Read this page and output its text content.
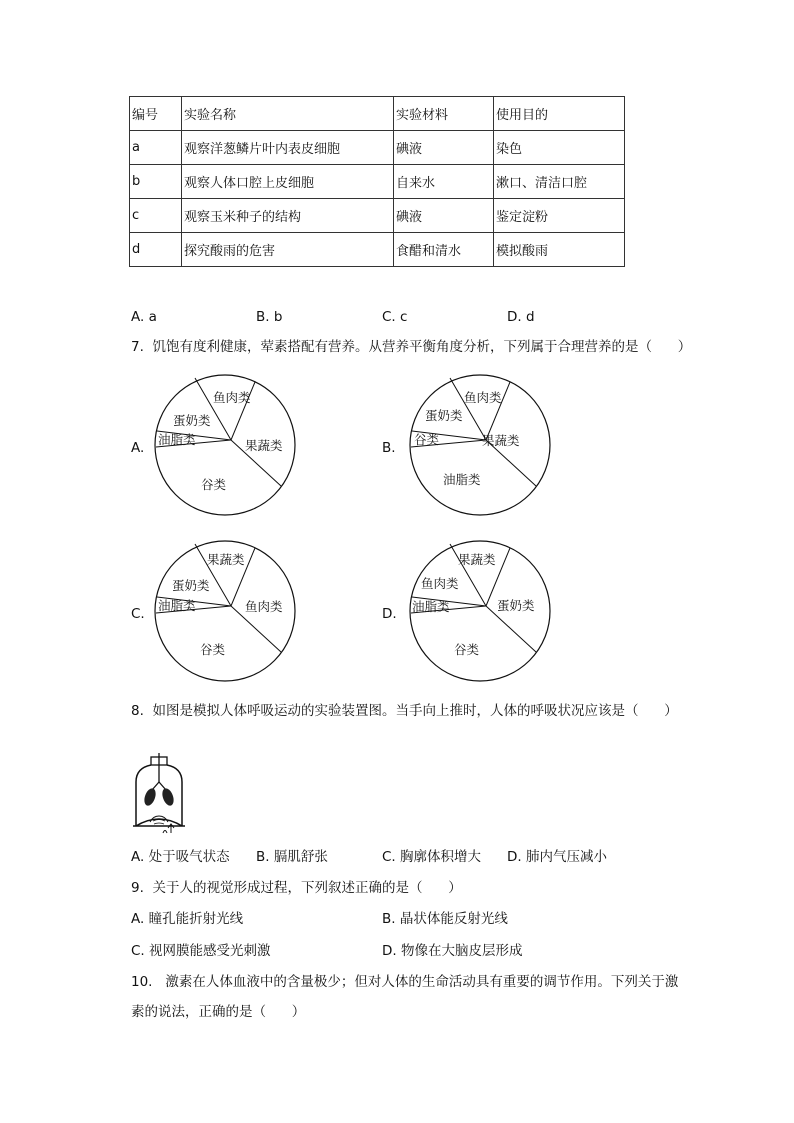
编号	实验名称	实验材料	使用目的
a	观察洋葱鳞片叶内表皮细胞	碘液	染色
b	观察人体口腔上皮细胞	自来水	漱口、清洁口腔
c	观察玉米种子的结构	碘液	鉴定淀粉
d	探究酸雨的危害	食醋和清水	模拟酸雨
A. a	B. b	C. c	D. d
7.  饥饱有度利健康，荤素搭配有营养。从营养平衡角度分析，下列属于合理营养的是（      ）
A.
鱼肉类
果蔬类
谷类
油脂类
蛋奶类
B.
鱼肉类
果蔬类
油脂类
谷类
蛋奶类
C.
果蔬类
鱼肉类
谷类
油脂类
蛋奶类
D.
果蔬类
蛋奶类
谷类
油脂类
鱼肉类
8.  如图是模拟人体呼吸运动的实验装置图。当手向上推时，人体的呼吸状况应该是（      ）
A. 处于吸气状态 B. 膈肌舒张	C. 胸廓体积增大 D. 肺内气压减小
9.  关于人的视觉形成过程，下列叙述正确的是（      ）
A. 瞳孔能折射光线	B. 晶状体能反射光线
C. 视网膜能感受光刺激	D. 物像在大脑皮层形成
10.   激素在人体血液中的含量极少；但对人体的生命活动具有重要的调节作用。下列关于激
素的说法，正确的是（      ）
